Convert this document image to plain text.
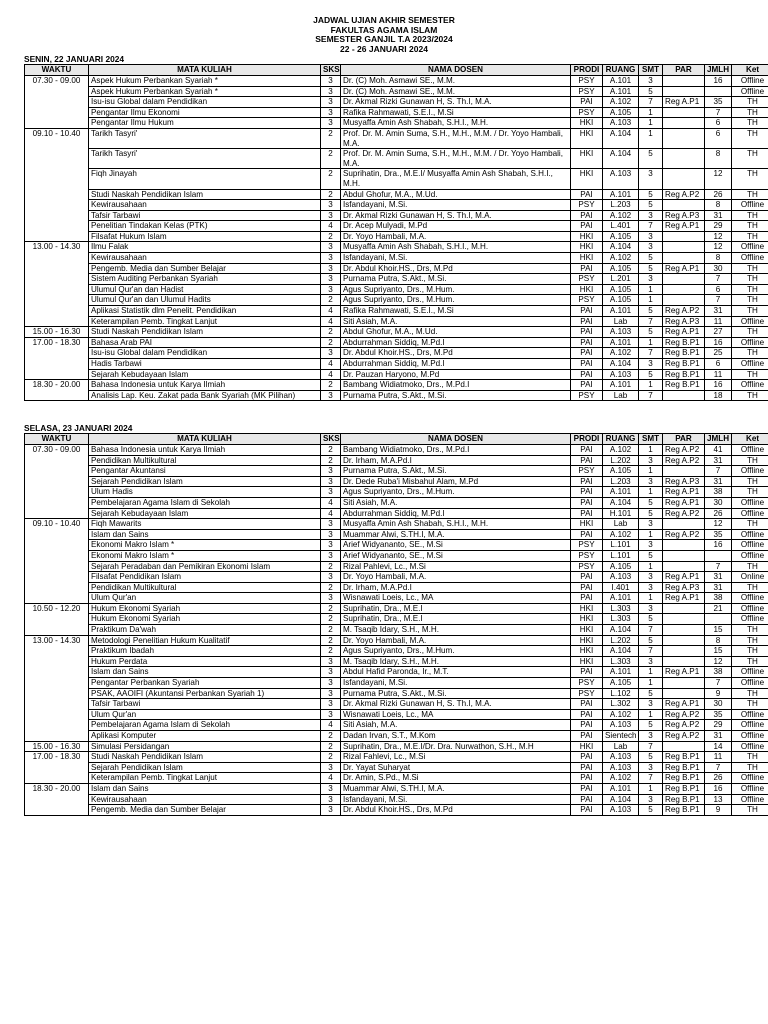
JADWAL UJIAN AKHIR SEMESTER
FAKULTAS AGAMA ISLAM
SEMESTER GANJIL T.A 2023/2024
22 - 26 JANUARI 2024
SENIN, 22 JANUARI 2024
WAKTU	MATA KULIAH	SKS	NAMA DOSEN	PRODI	RUANG	SMT	PAR	JMLH	Ket
07.30 - 09.00	Aspek Hukum Perbankan Syariah *	3	Dr. (C) Moh. Asmawi SE., M.M.	PSY	A.101	3		16	Offline
	Aspek Hukum Perbankan Syariah *	3	Dr. (C) Moh. Asmawi SE., M.M.	PSY	A.101	5			Offline
	Isu-isu Global dalam Pendidikan	3	Dr. Akmal Rizki Gunawan H, S. Th.I, M.A.	PAI	A.102	7	Reg A.P1	35	TH
	Pengantar Ilmu Ekonomi	3	Rafika Rahmawati, S.E.I., M.Si	PSY	A.105	1		7	TH
	Pengantar Ilmu Hukum	3	Musyaffa Amin Ash Shabah, S.H.I., M.H.	HKI	A.103	1		6	TH
09.10 - 10.40	Tarikh Tasyri'	2	Prof. Dr. M. Amin Suma, S.H., M.H., M.M. / Dr. Yoyo Hambali, M.A.	HKI	A.104	1		6	TH
	Tarikh Tasyri'	2	Prof. Dr. M. Amin Suma, S.H., M.H., M.M. / Dr. Yoyo Hambali, M.A.	HKI	A.104	5		8	TH
	Fiqh Jinayah	2	Suprihatin, Dra., M.E.I/ Musyaffa Amin Ash Shabah, S.H.I., M.H.	HKI	A.103	3		12	TH
	Studi Naskah Pendidikan Islam	2	Abdul Ghofur, M.A., M.Ud.	PAI	A.101	5	Reg A.P2	26	TH
	Kewirausahaan	3	Isfandayani, M.Si.	PSY	L.203	5		8	Offline
	Tafsir Tarbawi	3	Dr. Akmal Rizki Gunawan H, S. Th.I, M.A.	PAI	A.102	3	Reg A.P3	31	TH
	Penelitian Tindakan Kelas (PTK)	4	Dr. Acep Mulyadi, M.Pd	PAI	L.401	7	Reg A.P1	29	TH
	Filsafat Hukum Islam	2	Dr. Yoyo Hambali, M.A.	HKI	A.105	3		12	TH
13.00 - 14.30	Ilmu Falak	3	Musyaffa Amin Ash Shabah, S.H.I., M.H.	HKI	A.104	3		12	Offline
	Kewirausahaan	3	Isfandayani, M.Si.	HKI	A.102	5		8	Offline
	Pengemb. Media dan Sumber Belajar	3	Dr. Abdul Khoir.HS., Drs, M.Pd	PAI	A.105	5	Reg A.P1	30	TH
	Sistem Auditing Perbankan Syariah	3	Purnama Putra, S.Akt., M.Si.	PSY	L.201	3		7	TH
	Ulumul Qur'an dan Hadist	3	Agus Supriyanto, Drs., M.Hum.	HKI	A.105	1		6	TH
	Ulumul Qur'an dan Ulumul Hadits	2	Agus Supriyanto, Drs., M.Hum.	PSY	A.105	1		7	TH
	Aplikasi Statistik dlm Penelit. Pendidikan	4	Rafika Rahmawati, S.E.I., M.Si	PAI	A.101	5	Reg A.P2	31	TH
	Keterampilan Pemb. Tingkat Lanjut	4	Siti Asiah, M.A.	PAI	Lab	7	Reg A.P3	11	Offline
15.00 - 16.30	Studi Naskah Pendidikan Islam	2	Abdul Ghofur, M.A., M.Ud.	PAI	A.103	5	Reg A.P1	27	TH
17.00 - 18.30	Bahasa Arab PAI	2	Abdurrahman Siddiq, M.Pd.I	PAI	A.101	1	Reg B.P1	16	Offline
	Isu-isu Global dalam Pendidikan	3	Dr. Abdul Khoir.HS., Drs, M.Pd	PAI	A.102	7	Reg B.P1	25	TH
	Hadis Tarbawi	4	Abdurrahman Siddiq, M.Pd.I	PAI	A.104	3	Reg B.P1	6	Offline
	Sejarah Kebudayaan Islam	4	Dr. Pauzan Haryono, M.Pd	PAI	A.103	5	Reg B.P1	11	TH
18.30 - 20.00	Bahasa Indonesia untuk Karya Ilmiah	2	Bambang Widiatmoko, Drs., M.Pd.I	PAI	A.101	1	Reg B.P1	16	Offline
	Analisis Lap. Keu. Zakat pada Bank Syariah (MK Pilihan)	3	Purnama Putra, S.Akt., M.Si.	PSY	Lab	7		18	TH
SELASA, 23 JANUARI 2024
WAKTU	MATA KULIAH	SKS	NAMA DOSEN	PRODI	RUANG	SMT	PAR	JMLH	Ket
07.30 - 09.00	Bahasa Indonesia untuk Karya Ilmiah	2	Bambang Widiatmoko, Drs., M.Pd.I	PAI	A.102	1	Reg A.P2	41	Offline
	Pendidikan Multikultural	2	Dr. Irham, M.A.Pd.I	PAI	L.202	3	Reg A.P2	31	TH
	Pengantar Akuntansi	3	Purnama Putra, S.Akt., M.Si.	PSY	A.105	1		7	Offline
	Sejarah Pendidikan Islam	3	Dr. Dede Ruba'i Misbahul Alam, M.Pd	PAI	L.203	3	Reg A.P3	31	TH
	Ulum Hadis	3	Agus Supriyanto, Drs., M.Hum.	PAI	A.101	1	Reg A.P1	38	TH
	Pembelajaran Agama Islam di Sekolah	4	Siti Asiah, M.A.	PAI	A.104	5	Reg A.P1	30	Offline
	Sejarah Kebudayaan Islam	4	Abdurrahman Siddiq, M.Pd.I	PAI	H.101	5	Reg A.P2	26	Offline
09.10 - 10.40	Fiqh Mawarits	3	Musyaffa Amin Ash Shabah, S.H.I., M.H.	HKI	Lab	3		12	TH
	Islam dan Sains	3	Muammar Alwi, S.TH.I, M.A.	PAI	A.102	1	Reg A.P2	35	Offline
	Ekonomi Makro Islam *	3	Arief Widyananto, SE., M.Si	PSY	L.101	3		16	Offline
	Ekonomi Makro Islam *	3	Arief Widyananto, SE., M.Si	PSY	L.101	5			Offline
	Sejarah Peradaban dan Pemikiran Ekonomi Islam	2	Rizal Pahlevi, Lc., M.Si	PSY	A.105	1		7	TH
	Filsafat Pendidikan Islam	3	Dr. Yoyo Hambali, M.A.	PAI	A.103	3	Reg A.P1	31	Online
	Pendidikan Multikultural	2	Dr. Irham, M.A.Pd.I	PAI	I.401	3	Reg A.P3	31	TH
	Ulum Qur'an	3	Wisnawati Loeis, Lc., MA	PAI	A.101	1	Reg A.P1	38	Offline
10.50 - 12.20	Hukum Ekonomi Syariah	2	Suprihatin, Dra., M.E.I	HKI	L.303	3		21	Offline
	Hukum Ekonomi Syariah	2	Suprihatin, Dra., M.E.I	HKI	L.303	5			Offline
	Praktikum Da'wah	2	M. Tsaqib Idary, S.H., M.H.	HKI	A.104	7		15	TH
13.00 - 14.30	Metodologi Penelitian Hukum Kualitatif	2	Dr. Yoyo Hambali, M.A.	HKI	L.202	5		8	TH
	Praktikum Ibadah	2	Agus Supriyanto, Drs., M.Hum.	HKI	A.104	7		15	TH
	Hukum Perdata	3	M. Tsaqib Idary, S.H., M.H.	HKI	L.303	3		12	TH
	Islam dan Sains	3	Abdul Hafid Paronda, Ir., M.T.	PAI	A.101	1	Reg A.P1	38	Offline
	Pengantar Perbankan Syariah	3	Isfandayani, M.Si.	PSY	A.105	1		7	Offline
	PSAK, AAOIFI (Akuntansi Perbankan Syariah 1)	3	Purnama Putra, S.Akt., M.Si.	PSY	L.102	5		9	TH
	Tafsir Tarbawi	3	Dr. Akmal Rizki Gunawan H, S. Th.I, M.A.	PAI	L.302	3	Reg A.P1	30	TH
	Ulum Qur'an	3	Wisnawati Loeis, Lc., MA	PAI	A.102	1	Reg A.P2	35	Offline
	Pembelajaran Agama Islam di Sekolah	4	Siti Asiah, M.A.	PAI	A.103	5	Reg A.P2	29	Offline
	Aplikasi Komputer	2	Dadan Irvan, S.T., M.Kom	PAI	Sientech	3	Reg A.P2	31	Offline
15.00 - 16.30	Simulasi Persidangan	2	Suprihatin, Dra., M.E.I/Dr. Dra. Nurwathon, S.H., M.H	HKI	Lab	7		14	Offline
17.00 - 18.30	Studi Naskah Pendidikan Islam	2	Rizal Fahlevi, Lc., M.Si	PAI	A.103	5	Reg B.P1	11	TH
	Sejarah Pendidikan Islam	3	Dr. Yayat Suharyat	PAI	A.103	3	Reg B.P1	7	TH
	Keterampilan Pemb. Tingkat Lanjut	4	Dr. Amin, S.Pd., M.Si	PAI	A.102	7	Reg B.P1	26	Offline
18.30 - 20.00	Islam dan Sains	3	Muammar Alwi, S.TH.I, M.A.	PAI	A.101	1	Reg B.P1	16	Offline
	Kewirausahaan	3	Isfandayani, M.Si.	PAI	A.104	3	Reg B.P1	13	Offline
	Pengemb. Media dan Sumber Belajar	3	Dr. Abdul Khoir.HS., Drs, M.Pd	PAI	A.103	5	Reg B.P1	9	TH
